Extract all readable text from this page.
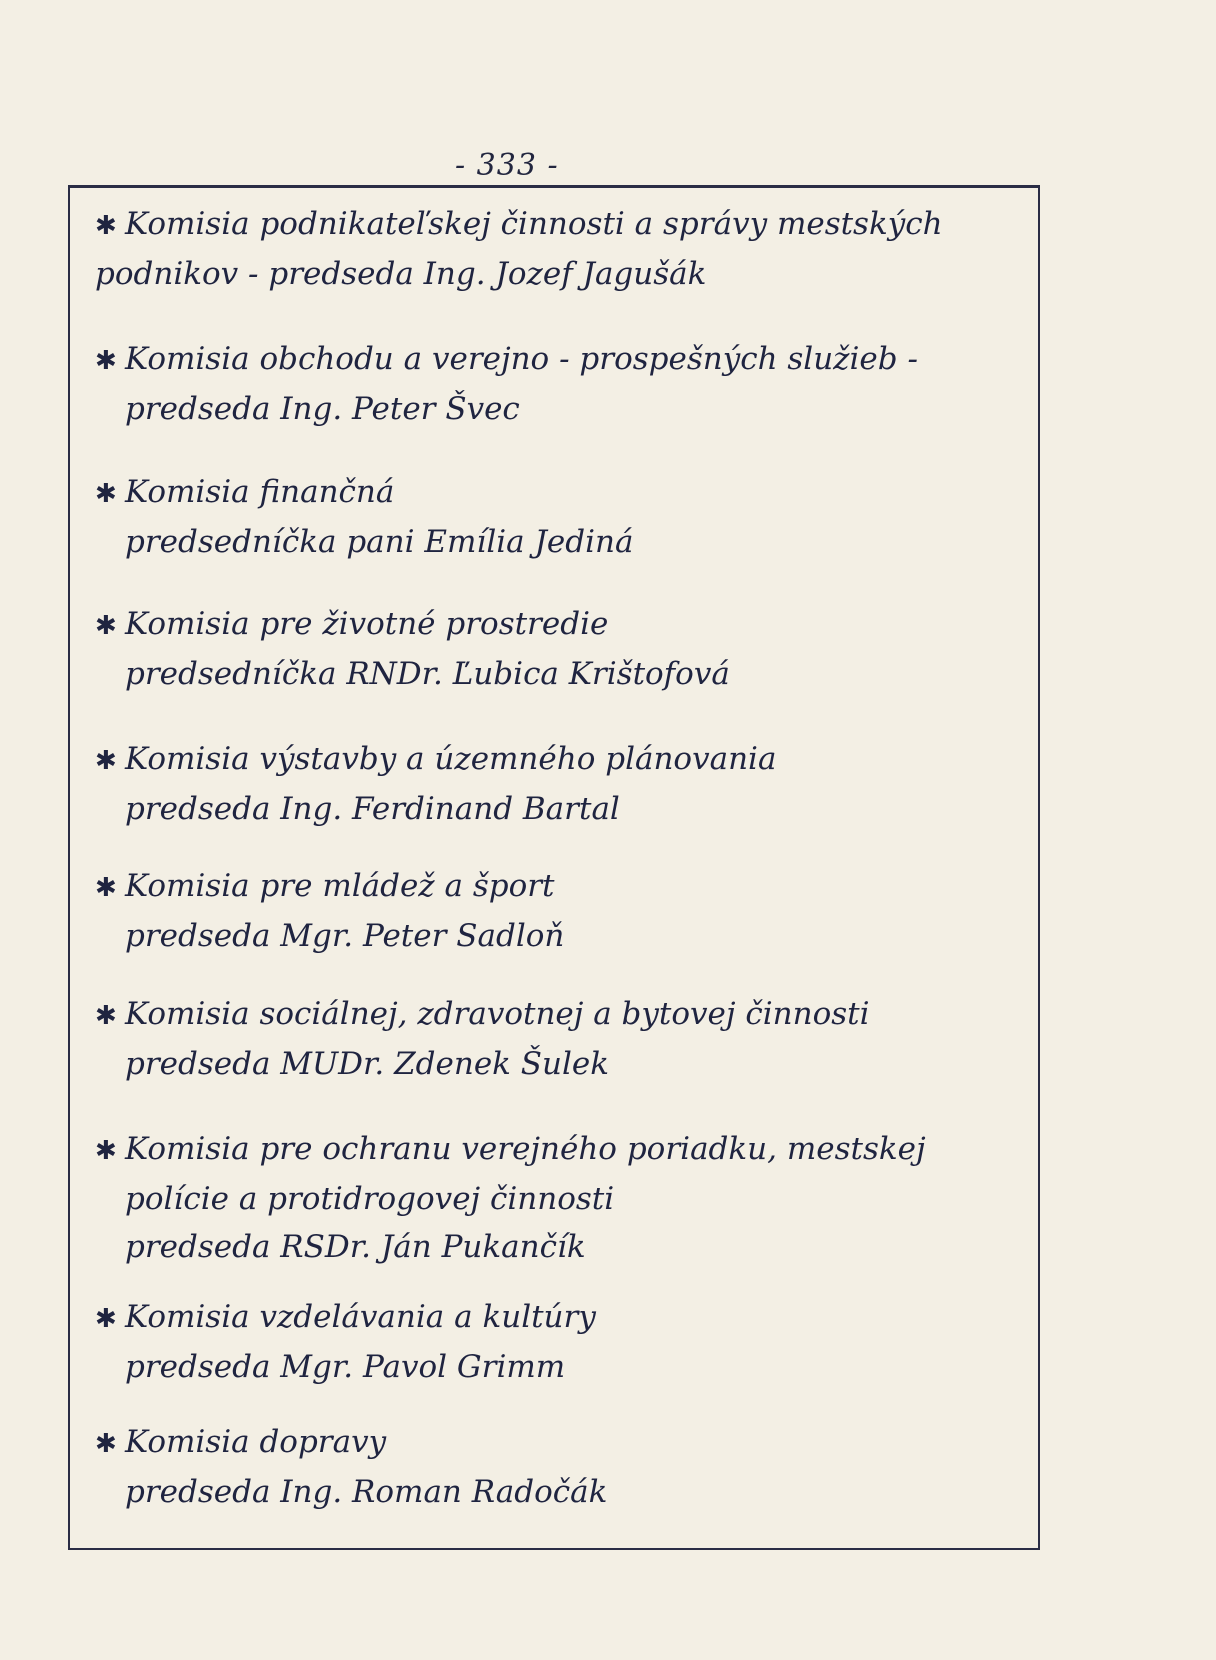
- 333 -
✱ Komisia podnikateľskej činnosti a správy mestských
podnikov - predseda Ing. Jozef Jagušák
✱ Komisia obchodu a verejno - prospešných služieb -
predseda Ing. Peter Švec
✱ Komisia finančná
predsedníčka pani Emília Jediná
✱ Komisia pre životné prostredie
predsedníčka RNDr. Ľubica Krištofová
✱ Komisia výstavby a územného plánovania
predseda Ing. Ferdinand Bartal
✱ Komisia pre mládež a šport
predseda Mgr. Peter Sadloň
✱ Komisia sociálnej, zdravotnej a bytovej činnosti
predseda MUDr. Zdenek Šulek
✱ Komisia pre ochranu verejného poriadku, mestskej
polície a protidrogovej činnosti
predseda RSDr. Ján Pukančík
✱ Komisia vzdelávania a kultúry
predseda Mgr. Pavol Grimm
✱ Komisia dopravy
predseda Ing. Roman Radočák
